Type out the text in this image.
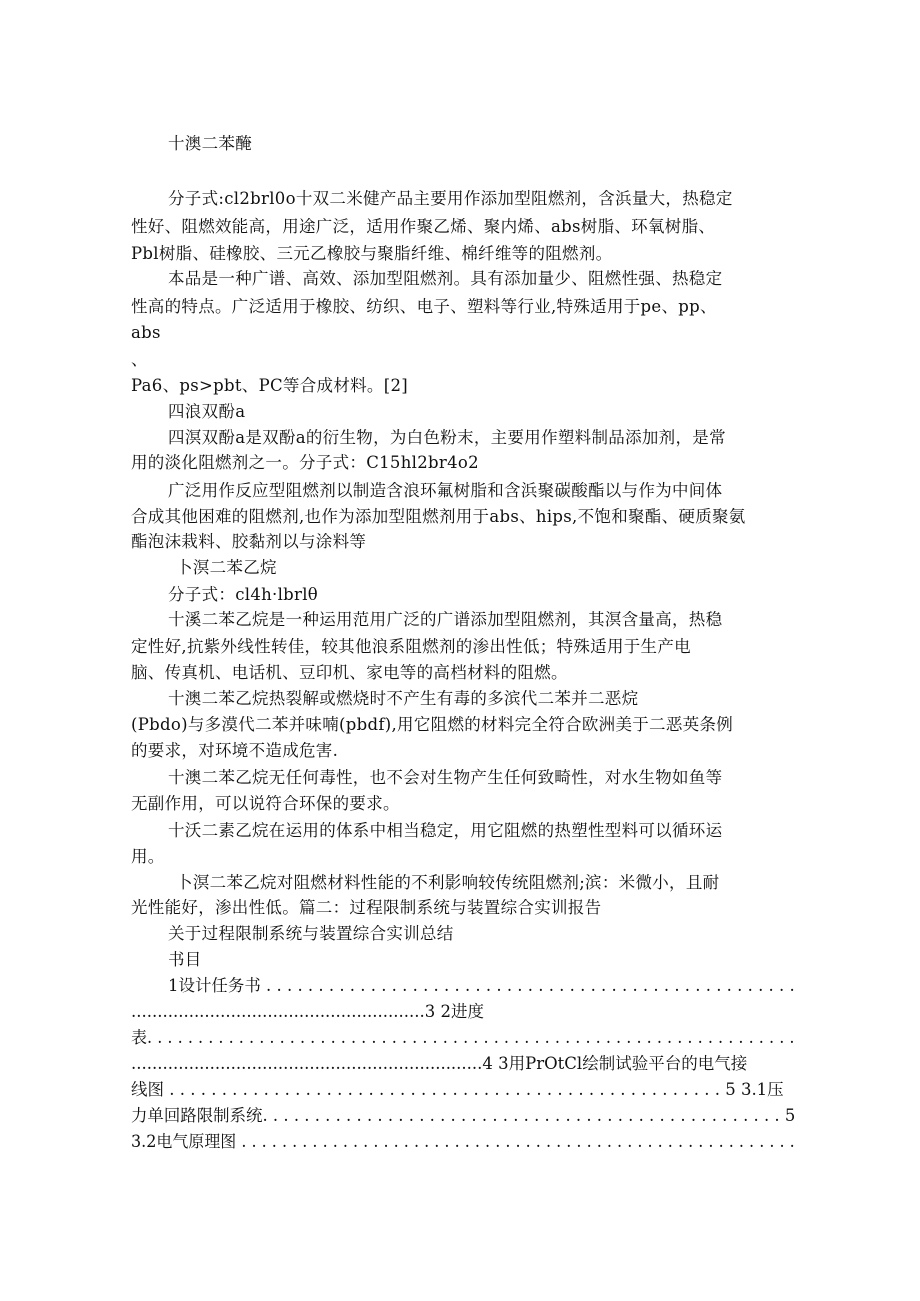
十澳二苯醃
分子式:cl2brl0o十双二米健产品主要用作添加型阻燃剂，含浜量大，热稳定
性好、阻燃效能高，用途广泛，适用作聚乙烯、聚内烯、abs树脂、环氧树脂、
Pbl树脂、硅橡胶、三元乙橡胶与聚脂纤维、棉纤维等的阻燃剂。
本品是一种广谱、高效、添加型阻燃剂。具有添加量少、阻燃性强、热稳定
性高的特点。广泛适用于橡胶、纺织、电子、塑料等行业,特殊适用于pe、pp、
abs
、
Pa6、ps>pbt、PC等合成材料。[2]
四浪双酚a
四溟双酚a是双酚a的衍生物，为白色粉末，主要用作塑料制品添加剂，是常
用的淡化阻燃剂之一。分子式：C15hl2br4o2
广泛用作反应型阻燃剂以制造含浪环氟树脂和含浜聚碳酸酯以与作为中间体
合成其他困难的阻燃剂,也作为添加型阻燃剂用于abs、hips,不饱和聚酯、硬质聚氨
酯泡沫栽料、胶黏剂以与涂料等
卜溟二苯乙烷
分子式：cl4h·lbrlθ
十溪二苯乙烷是一种运用范用广泛的广谱添加型阻燃剂，其溟含量高，热稳
定性好,抗紫外线性转佳，较其他浪系阻燃剂的渗出性低；特殊适用于生产电
脑、传真机、电话机、豆印机、家电等的高档材料的阻燃。
十澳二苯乙烷热裂解或燃烧时不产生有毒的多滨代二苯并二恶烷
(Pbdo)与多漠代二苯并味喃(pbdf),用它阻燃的材料完全符合欧洲美于二恶英条例
的要求，对环境不造成危害.
十澳二苯乙烷无任何毒性，也不会对生物产生任何致畸性，对水生物如鱼等
无副作用，可以说符合环保的要求。
十沃二素乙烷在运用的体系中相当稳定，用它阻燃的热塑性型料可以循环运
用。
卜溟二苯乙烷对阻燃材料性能的不利影响较传统阻燃剂;滨：米微小，且耐
光性能好，渗出性低。篇二：过程限制系统与装置综合实训报告
关于过程限制系统与装置综合实训总结
书目
1设计任务书 . . . . . . . . . . . . . . . . . . . . . . . . . . . . . . . . . . . . . . . . . . . . . . . . . . .
........................................................3 2进度
表. . . . . . . . . . . . . . . . . . . . . . . . . . . . . . . . . . . . . . . . . . . . . . . . . . . . . . . . . . . . . . . .
...................................................................4 3用PrOtCl绘制试验平台的电气接
线图 . . . . . . . . . . . . . . . . . . . . . . . . . . . . . . . . . . . . . . . . . . . . . . . . . . . . . 5 3.1压
力单回路限制系统. . . . . . . . . . . . . . . . . . . . . . . . . . . . . . . . . . . . . . . . . . . . . . . . . . 5
3.2电气原理图 . . . . . . . . . . . . . . . . . . . . . . . . . . . . . . . . . . . . . . . . . . . . . . . . . . . . . . .
